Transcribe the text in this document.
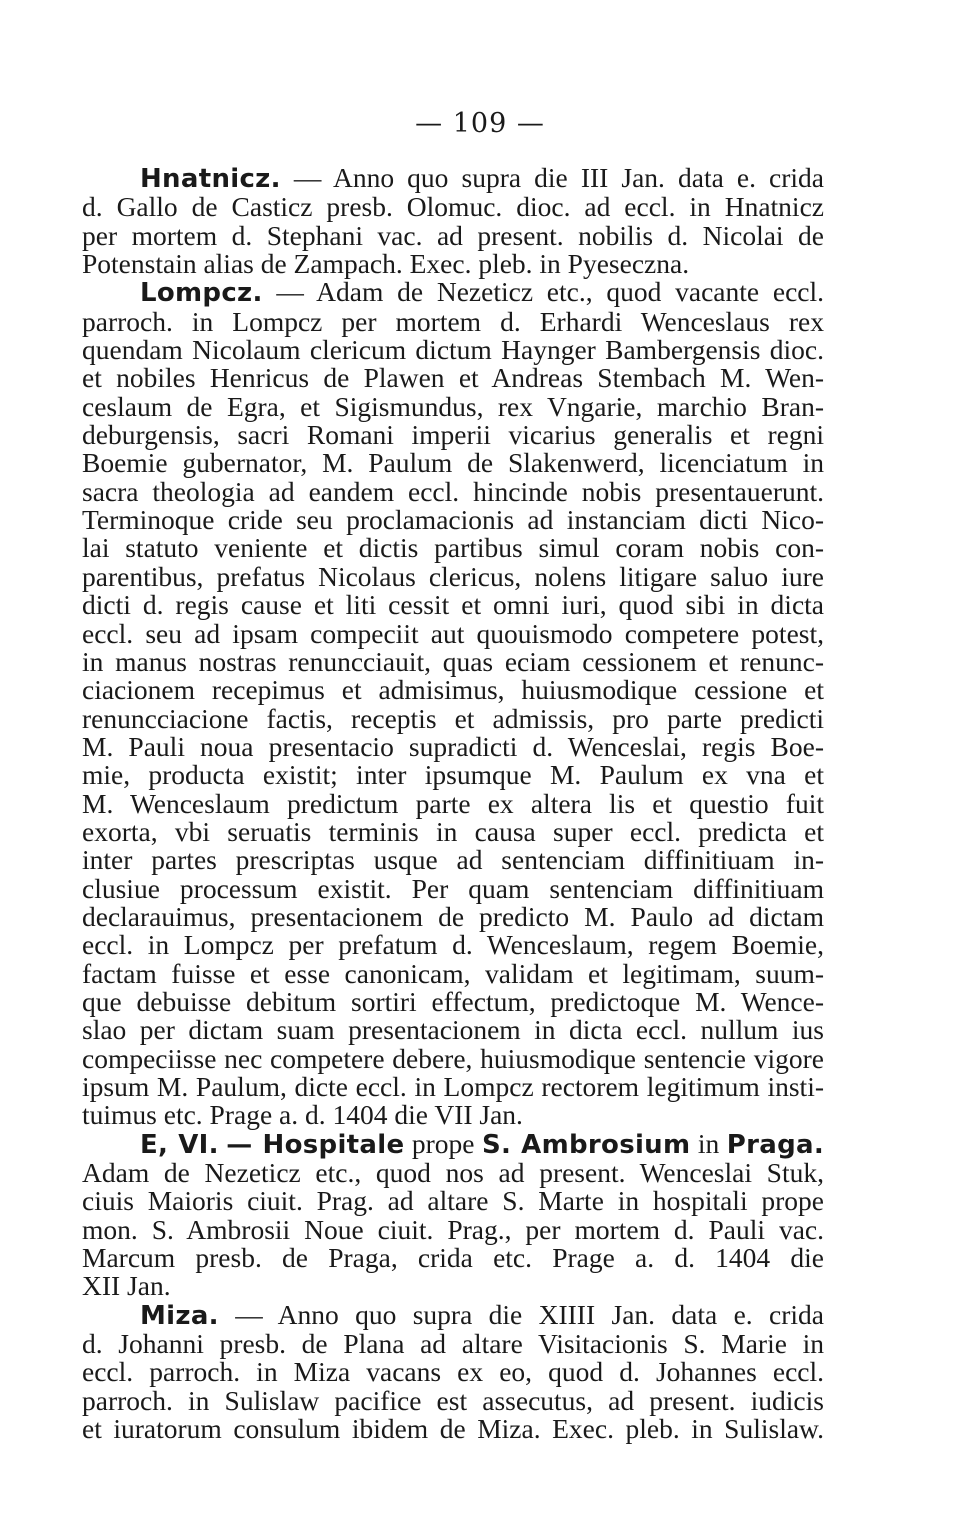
— 109 —
Hnatnicz. — Anno quo supra die III Jan. data e. crida
d. Gallo de Casticz presb. Olomuc. dioc. ad eccl. in Hnatnicz
per mortem d. Stephani vac. ad present. nobilis d. Nicolai de
Potenstain alias de Zampach. Exec. pleb. in Pyeseczna.
Lompcz. — Adam de Nezeticz etc., quod vacante eccl.
parroch. in Lompcz per mortem d. Erhardi Wenceslaus rex
quendam Nicolaum clericum dictum Haynger Bambergensis dioc.
et nobiles Henricus de Plawen et Andreas Stembach M. Wen-
ceslaum de Egra, et Sigismundus, rex Vngarie, marchio Bran-
deburgensis, sacri Romani imperii vicarius generalis et regni
Boemie gubernator, M. Paulum de Slakenwerd, licenciatum in
sacra theologia ad eandem eccl. hincinde nobis presentauerunt.
Terminoque cride seu proclamacionis ad instanciam dicti Nico-
lai statuto veniente et dictis partibus simul coram nobis con-
parentibus, prefatus Nicolaus clericus, nolens litigare saluo iure
dicti d. regis cause et liti cessit et omni iuri, quod sibi in dicta
eccl. seu ad ipsam compeciit aut quouismodo competere potest,
in manus nostras renuncciauit, quas eciam cessionem et renunc-
ciacionem recepimus et admisimus, huiusmodique cessione et
renuncciacione factis, receptis et admissis, pro parte predicti
M. Pauli noua presentacio supradicti d. Wenceslai, regis Boe-
mie, producta existit; inter ipsumque M. Paulum ex vna et
M. Wenceslaum predictum parte ex altera lis et questio fuit
exorta, vbi seruatis terminis in causa super eccl. predicta et
inter partes prescriptas usque ad sentenciam diffinitiuam in-
clusiue processum existit. Per quam sentenciam diffinitiuam
declarauimus, presentacionem de predicto M. Paulo ad dictam
eccl. in Lompcz per prefatum d. Wenceslaum, regem Boemie,
factam fuisse et esse canonicam, validam et legitimam, suum-
que debuisse debitum sortiri effectum, predictoque M. Wence-
slao per dictam suam presentacionem in dicta eccl. nullum ius
compeciisse nec competere debere, huiusmodique sentencie vigore
ipsum M. Paulum, dicte eccl. in Lompcz rectorem legitimum insti-
tuimus etc. Prage a. d. 1404 die VII Jan.
E, VI. — Hospitale prope S. Ambrosium in Praga.
Adam de Nezeticz etc., quod nos ad present. Wenceslai Stuk,
ciuis Maioris ciuit. Prag. ad altare S. Marte in hospitali prope
mon. S. Ambrosii Noue ciuit. Prag., per mortem d. Pauli vac.
Marcum presb. de Praga, crida etc. Prage a. d. 1404 die
XII Jan.
Miza. — Anno quo supra die XIIII Jan. data e. crida
d. Johanni presb. de Plana ad altare Visitacionis S. Marie in
eccl. parroch. in Miza vacans ex eo, quod d. Johannes eccl.
parroch. in Sulislaw pacifice est assecutus, ad present. iudicis
et iuratorum consulum ibidem de Miza. Exec. pleb. in Sulislaw.
